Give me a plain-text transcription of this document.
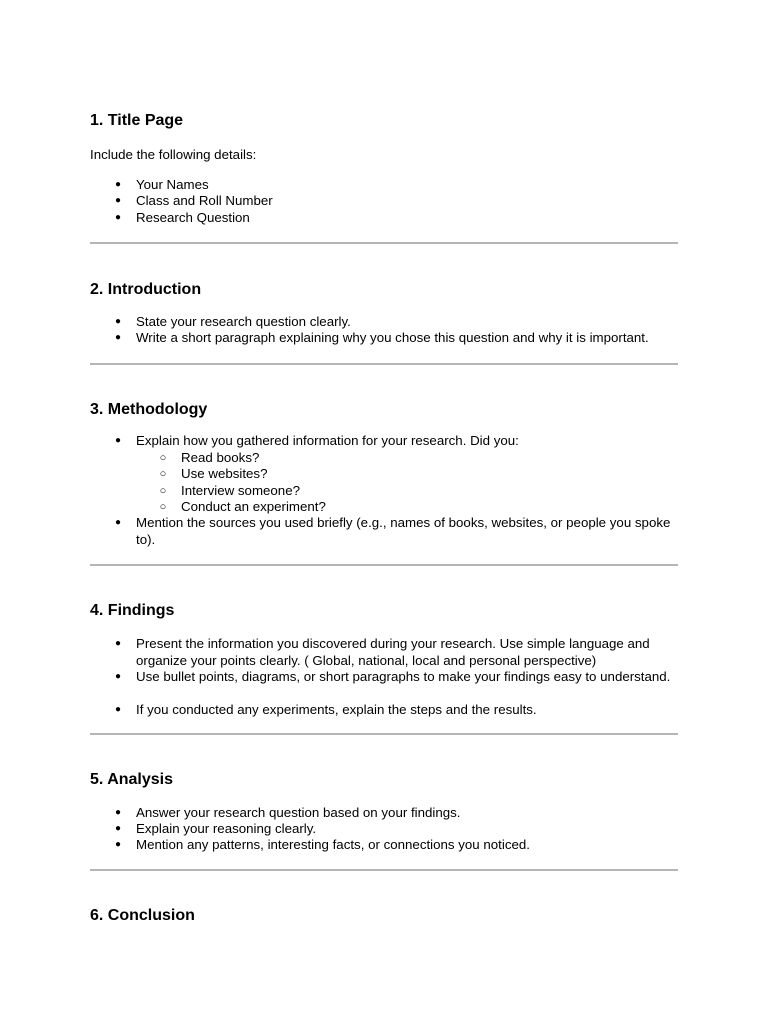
1. Title Page

Include the following details:

● Your Names
● Class and Roll Number
● Research Question
2. Introduction
● State your research question clearly.
● Write a short paragraph explaining why you chose this question and why it is important.
3. Methodology
● Explain how you gathered information for your research. Did you:
○ Read books?
○ Use websites?
○ Interview someone?
○ Conduct an experiment?
● Mention the sources you used briefly (e.g., names of books, websites, or people you spoke to).
4. Findings
● Present the information you discovered during your research. Use simple language and organize your points clearly. ( Global, national, local and personal perspective)
● Use bullet points, diagrams, or short paragraphs to make your findings easy to understand.
● If you conducted any experiments, explain the steps and the results.
5. Analysis
● Answer your research question based on your findings.
● Explain your reasoning clearly.
● Mention any patterns, interesting facts, or connections you noticed.
6. Conclusion
